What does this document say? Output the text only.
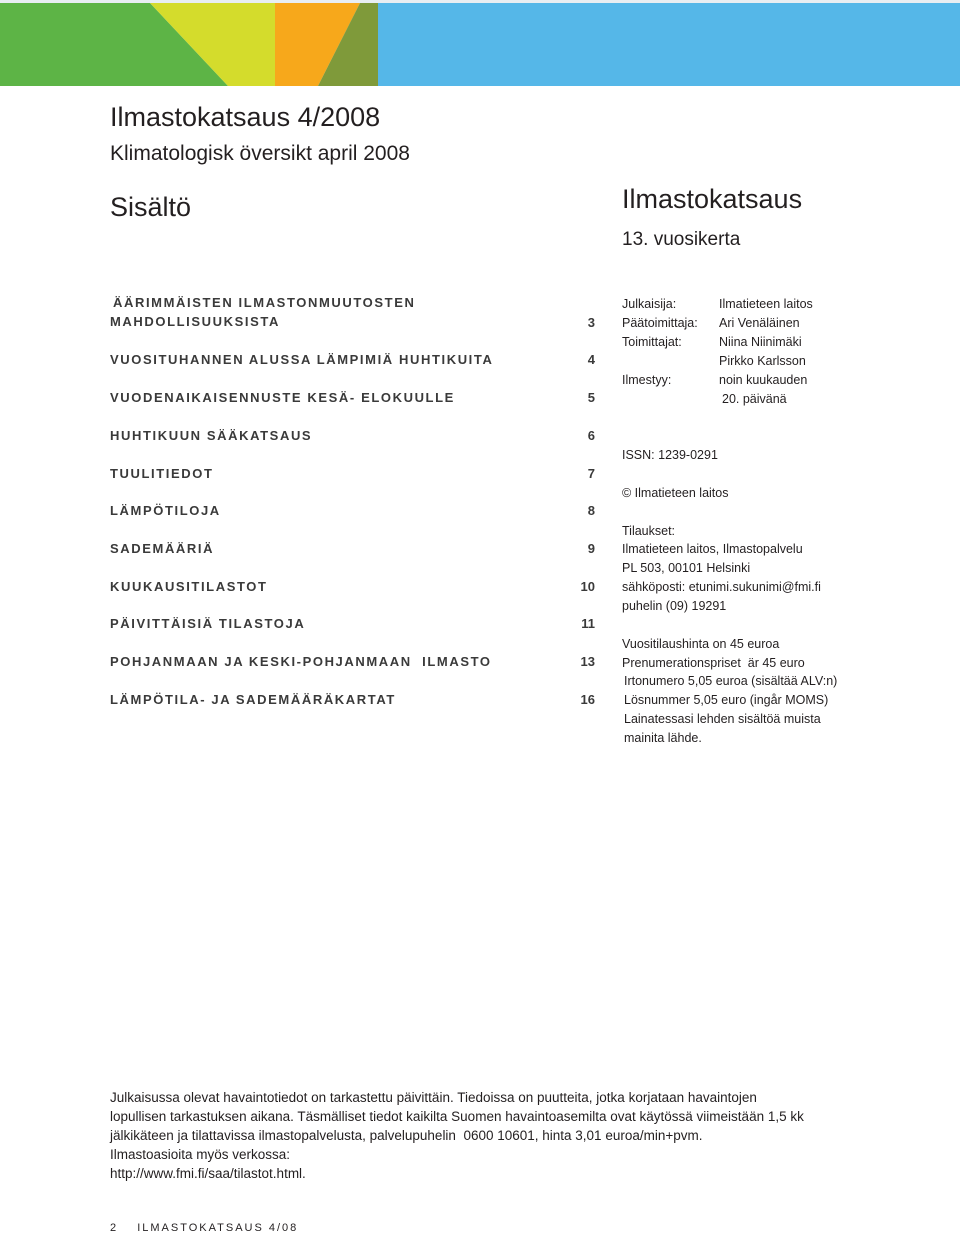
Ilmastokatsaus 4/2008
Klimatologisk översikt april 2008
Sisältö	Ilmastokatsaus
13. vuosikerta
ÄÄRIMMÄISTEN ILMASTONMUUTOSTEN
MAHDOLLISUUKSISTA	3
VUOSITUHANNEN ALUSSA LÄMPIMIÄ HUHTIKUITA	4
VUODENAIKAISENNUSTE KESÄ- ELOKUULLE	5
HUHTIKUUN SÄÄKATSAUS	6
TUULITIEDOT	7
LÄMPÖTILOJA	8
SADEMÄÄRIÄ	9
KUUKAUSITILASTOT	10
PÄIVITTÄISIÄ TILASTOJA	11
POHJANMAAN JA KESKI-POHJANMAAN  ILMASTO	13
LÄMPÖTILA- JA SADEMÄÄRÄKARTAT	16
Julkaisija:	Ilmatieteen laitos
Päätoimittaja: Ari Venäläinen
Toimittajat:	Niina Niinimäki
Pirkko Karlsson
Ilmestyy:	noin kuukauden
20. päivänä
ISSN: 1239-0291
© Ilmatieteen laitos
Tilaukset:
Ilmatieteen laitos, Ilmastopalvelu
PL 503, 00101 Helsinki
sähköposti: etunimi.sukunimi@fmi.fi
puhelin (09) 19291
Vuositilaushinta on 45 euroa
Prenumerationspriset  är 45 euro
Irtonumero 5,05 euroa (sisältää ALV:n)
Lösnummer 5,05 euro (ingår MOMS)
Lainatessasi lehden sisältöä muista
mainita lähde.
Julkaisussa olevat havaintotiedot on tarkastettu päivittäin. Tiedoissa on puutteita, jotka korjataan havaintojen
lopullisen tarkastuksen aikana. Täsmälliset tiedot kaikilta Suomen havaintoasemilta ovat käytössä viimeistään 1,5 kk
jälkikäteen ja tilattavissa ilmastopalvelusta, palvelupuhelin  0600 10601, hinta 3,01 euroa/min+pvm.
Ilmastoasioita myös verkossa:
http://www.fmi.fi/saa/tilastot.html.
2 ILMASTOKATSAUS 4/08
